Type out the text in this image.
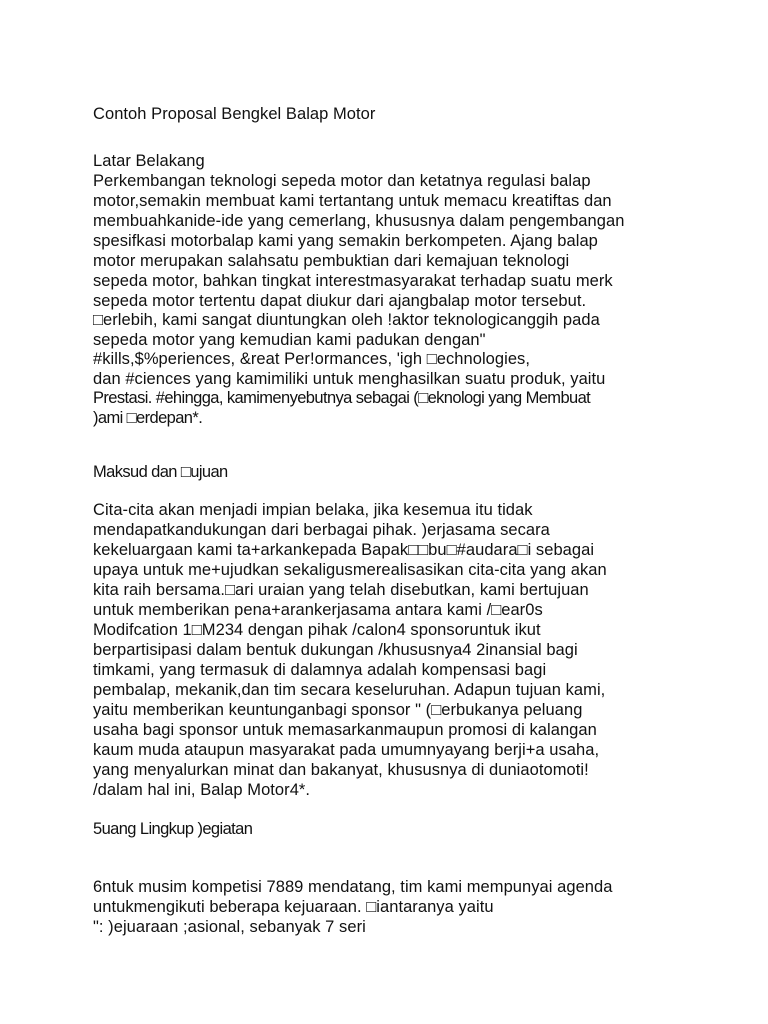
Contoh Proposal Bengkel Balap Motor
Latar Belakang
Perkembangan teknologi sepeda motor dan ketatnya regulasi balap
motor,semakin membuat kami tertantang untuk memacu kreatiftas dan
membuahkanide-ide yang cemerlang, khususnya dalam pengembangan
spesifkasi motorbalap kami yang semakin berkompeten. Ajang balap
motor merupakan salahsatu pembuktian dari kemajuan teknologi
sepeda motor, bahkan tingkat interestmasyarakat terhadap suatu merk
sepeda motor tertentu dapat diukur dari ajangbalap motor tersebut.
□erlebih, kami sangat diuntungkan oleh !aktor teknologicanggih pada
sepeda motor yang kemudian kami padukan dengan"
#kills,$%periences, &reat Per!ormances, 'igh □echnologies,
dan #ciences yang kamimiliki untuk menghasilkan suatu produk, yaitu
Prestasi. #ehingga, kamimenyebutnya sebagai (□eknologi yang Membuat
)ami □erdepan*.
Maksud dan □ujuan
Cita-cita akan menjadi impian belaka, jika kesemua itu tidak
mendapatkandukungan dari berbagai pihak. )erjasama secara
kekeluargaan kami ta+arkankepada Bapak□□bu□#audara□i sebagai
upaya untuk me+ujudkan sekaligusmerealisasikan cita-cita yang akan
kita raih bersama.□ari uraian yang telah disebutkan, kami bertujuan
untuk memberikan pena+arankerjasama antara kami /□ear0s
Modifcation 1□M234 dengan pihak /calon4 sponsoruntuk ikut
berpartisipasi dalam bentuk dukungan /khususnya4 2inansial bagi
timkami, yang termasuk di dalamnya adalah kompensasi bagi
pembalap, mekanik,dan tim secara keseluruhan. Adapun tujuan kami,
yaitu memberikan keuntunganbagi sponsor " (□erbukanya peluang
usaha bagi sponsor untuk memasarkanmaupun promosi di kalangan
kaum muda ataupun masyarakat pada umumnyayang berji+a usaha,
yang menyalurkan minat dan bakanyat, khususnya di duniaotomoti!
/dalam hal ini, Balap Motor4*.
5uang Lingkup )egiatan
6ntuk musim kompetisi 7889 mendatang, tim kami mempunyai agenda
untukmengikuti beberapa kejuaraan. □iantaranya yaitu
": )ejuaraan ;asional, sebanyak 7 seri
